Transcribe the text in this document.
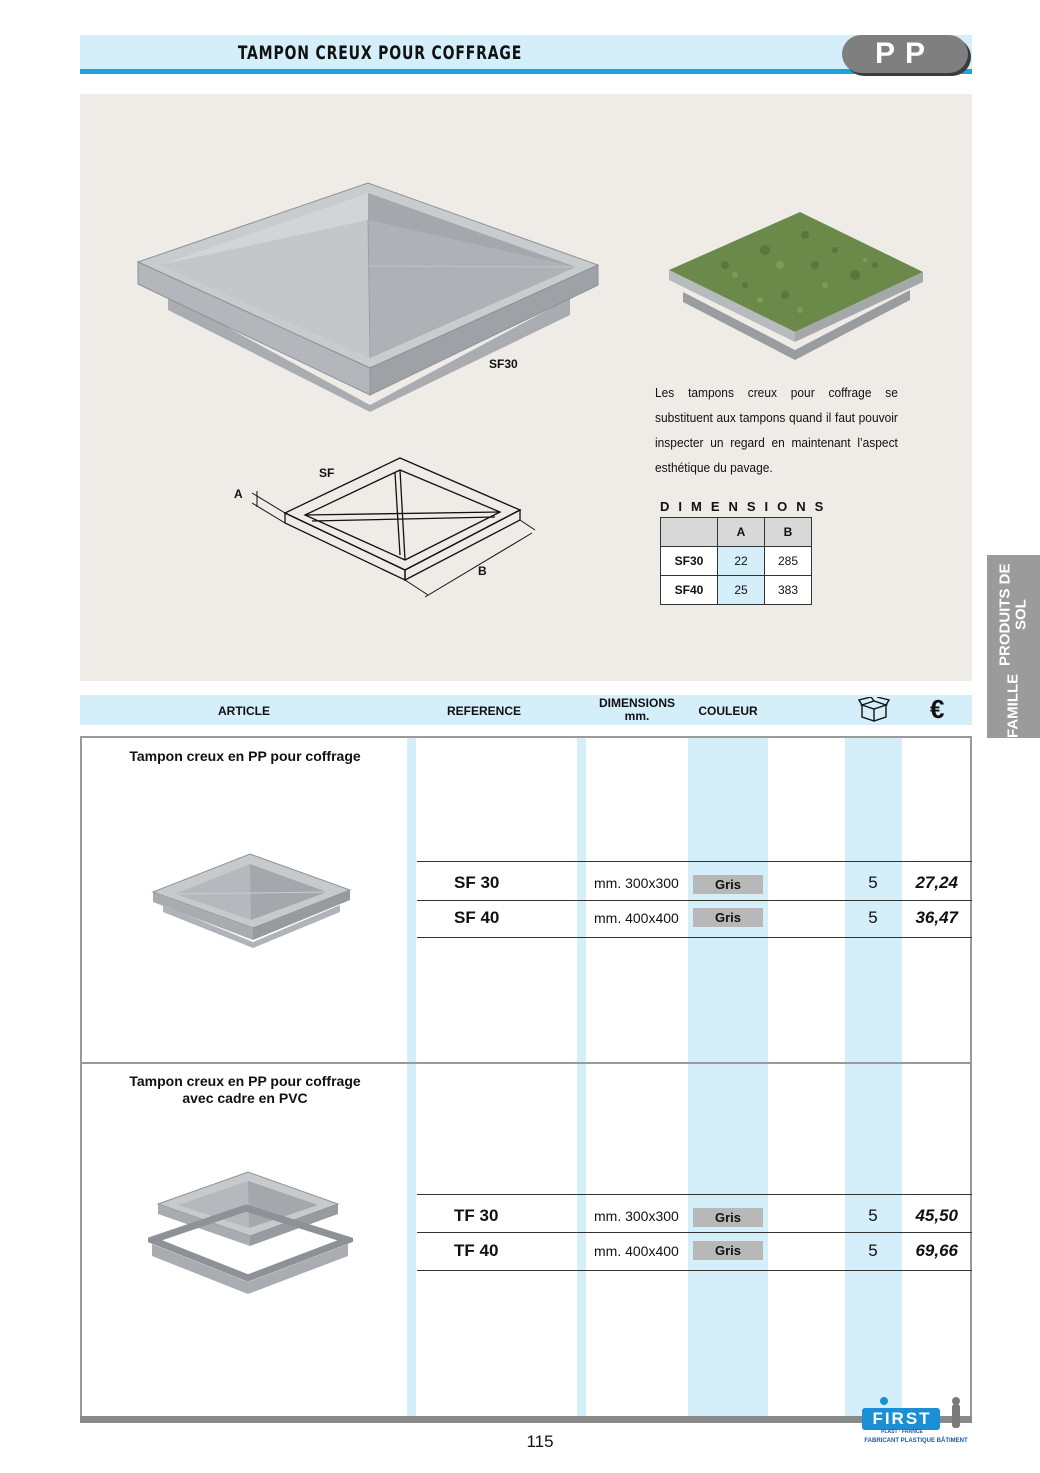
TAMPON CREUX POUR COFFRAGE	PP
SF30
Les tampons creux pour coffrage se substituent aux tampons quand il faut pouvoir inspecter un regard en maintenant l’aspect esthétique du pavage.
SF
A
B
DIMENSIONS
	A	B
SF30	22	285
SF40	25	383
FAMILLE
PRODUITS DE SOL
ARTICLE	REFERENCE
DIMENSIONS
mm.	COULEUR	€
Tampon creux en PP pour coffrage
SF 30	mm. 300x300	Gris	5	27,24
SF 40	mm. 400x400	Gris	5	36,47
Tampon creux en PP pour coffrage
avec cadre en PVC
TF 30	mm. 300x300	Gris	5	45,50
TF 40	mm. 400x400	Gris	5	69,66
115
FIRST
PLAST · FRANCE
FABRICANT PLASTIQUE BÂTIMENT
